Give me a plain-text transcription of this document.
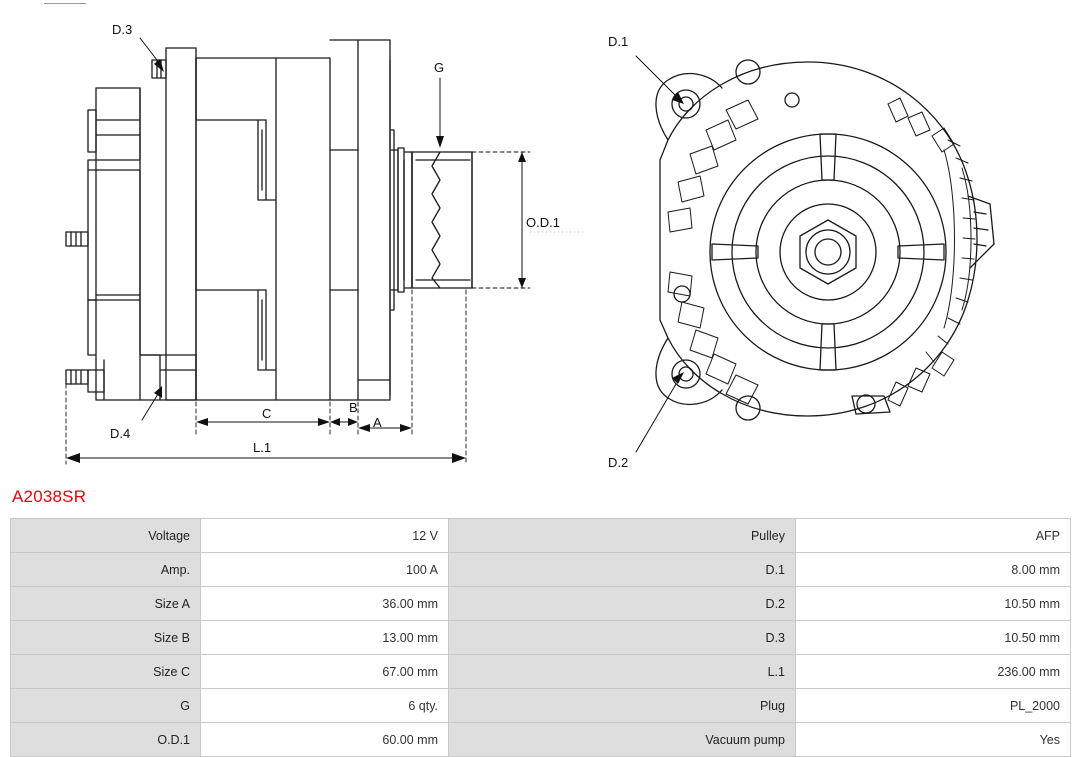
D.3
D.4
G
O.D.1
C	B
A
L.1
D.1
D.2
A2038SR
Voltage	12 V	Pulley	AFP
Amp.	100 A	D.1	8.00 mm
Size A	36.00 mm	D.2	10.50 mm
Size B	13.00 mm	D.3	10.50 mm
Size C	67.00 mm	L.1	236.00 mm
G	6 qty.	Plug	PL_2000
O.D.1	60.00 mm	Vacuum pump	Yes
